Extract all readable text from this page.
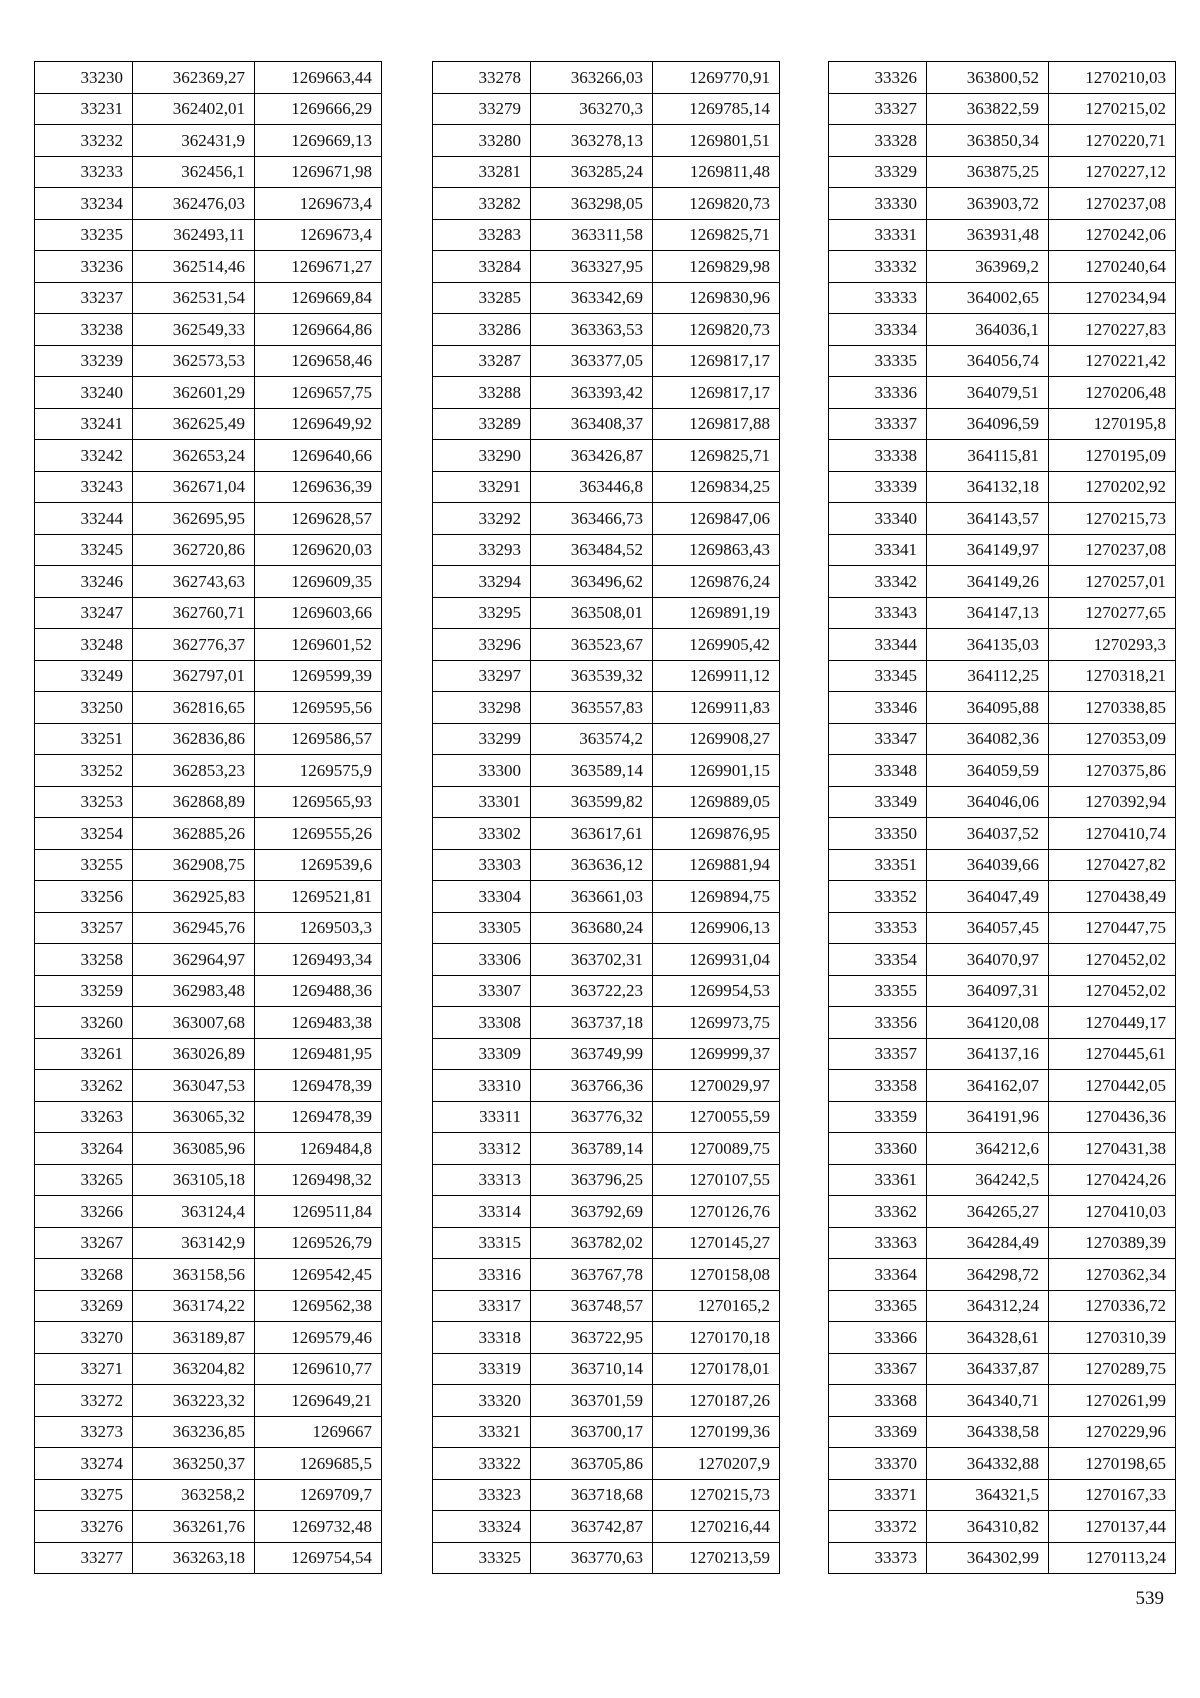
33230	362369,27	1269663,44
33231	362402,01	1269666,29
33232	362431,9	1269669,13
33233	362456,1	1269671,98
33234	362476,03	1269673,4
33235	362493,11	1269673,4
33236	362514,46	1269671,27
33237	362531,54	1269669,84
33238	362549,33	1269664,86
33239	362573,53	1269658,46
33240	362601,29	1269657,75
33241	362625,49	1269649,92
33242	362653,24	1269640,66
33243	362671,04	1269636,39
33244	362695,95	1269628,57
33245	362720,86	1269620,03
33246	362743,63	1269609,35
33247	362760,71	1269603,66
33248	362776,37	1269601,52
33249	362797,01	1269599,39
33250	362816,65	1269595,56
33251	362836,86	1269586,57
33252	362853,23	1269575,9
33253	362868,89	1269565,93
33254	362885,26	1269555,26
33255	362908,75	1269539,6
33256	362925,83	1269521,81
33257	362945,76	1269503,3
33258	362964,97	1269493,34
33259	362983,48	1269488,36
33260	363007,68	1269483,38
33261	363026,89	1269481,95
33262	363047,53	1269478,39
33263	363065,32	1269478,39
33264	363085,96	1269484,8
33265	363105,18	1269498,32
33266	363124,4	1269511,84
33267	363142,9	1269526,79
33268	363158,56	1269542,45
33269	363174,22	1269562,38
33270	363189,87	1269579,46
33271	363204,82	1269610,77
33272	363223,32	1269649,21
33273	363236,85	1269667
33274	363250,37	1269685,5
33275	363258,2	1269709,7
33276	363261,76	1269732,48
33277	363263,18	1269754,54
33278	363266,03	1269770,91
33279	363270,3	1269785,14
33280	363278,13	1269801,51
33281	363285,24	1269811,48
33282	363298,05	1269820,73
33283	363311,58	1269825,71
33284	363327,95	1269829,98
33285	363342,69	1269830,96
33286	363363,53	1269820,73
33287	363377,05	1269817,17
33288	363393,42	1269817,17
33289	363408,37	1269817,88
33290	363426,87	1269825,71
33291	363446,8	1269834,25
33292	363466,73	1269847,06
33293	363484,52	1269863,43
33294	363496,62	1269876,24
33295	363508,01	1269891,19
33296	363523,67	1269905,42
33297	363539,32	1269911,12
33298	363557,83	1269911,83
33299	363574,2	1269908,27
33300	363589,14	1269901,15
33301	363599,82	1269889,05
33302	363617,61	1269876,95
33303	363636,12	1269881,94
33304	363661,03	1269894,75
33305	363680,24	1269906,13
33306	363702,31	1269931,04
33307	363722,23	1269954,53
33308	363737,18	1269973,75
33309	363749,99	1269999,37
33310	363766,36	1270029,97
33311	363776,32	1270055,59
33312	363789,14	1270089,75
33313	363796,25	1270107,55
33314	363792,69	1270126,76
33315	363782,02	1270145,27
33316	363767,78	1270158,08
33317	363748,57	1270165,2
33318	363722,95	1270170,18
33319	363710,14	1270178,01
33320	363701,59	1270187,26
33321	363700,17	1270199,36
33322	363705,86	1270207,9
33323	363718,68	1270215,73
33324	363742,87	1270216,44
33325	363770,63	1270213,59
33326	363800,52	1270210,03
33327	363822,59	1270215,02
33328	363850,34	1270220,71
33329	363875,25	1270227,12
33330	363903,72	1270237,08
33331	363931,48	1270242,06
33332	363969,2	1270240,64
33333	364002,65	1270234,94
33334	364036,1	1270227,83
33335	364056,74	1270221,42
33336	364079,51	1270206,48
33337	364096,59	1270195,8
33338	364115,81	1270195,09
33339	364132,18	1270202,92
33340	364143,57	1270215,73
33341	364149,97	1270237,08
33342	364149,26	1270257,01
33343	364147,13	1270277,65
33344	364135,03	1270293,3
33345	364112,25	1270318,21
33346	364095,88	1270338,85
33347	364082,36	1270353,09
33348	364059,59	1270375,86
33349	364046,06	1270392,94
33350	364037,52	1270410,74
33351	364039,66	1270427,82
33352	364047,49	1270438,49
33353	364057,45	1270447,75
33354	364070,97	1270452,02
33355	364097,31	1270452,02
33356	364120,08	1270449,17
33357	364137,16	1270445,61
33358	364162,07	1270442,05
33359	364191,96	1270436,36
33360	364212,6	1270431,38
33361	364242,5	1270424,26
33362	364265,27	1270410,03
33363	364284,49	1270389,39
33364	364298,72	1270362,34
33365	364312,24	1270336,72
33366	364328,61	1270310,39
33367	364337,87	1270289,75
33368	364340,71	1270261,99
33369	364338,58	1270229,96
33370	364332,88	1270198,65
33371	364321,5	1270167,33
33372	364310,82	1270137,44
33373	364302,99	1270113,24
539
